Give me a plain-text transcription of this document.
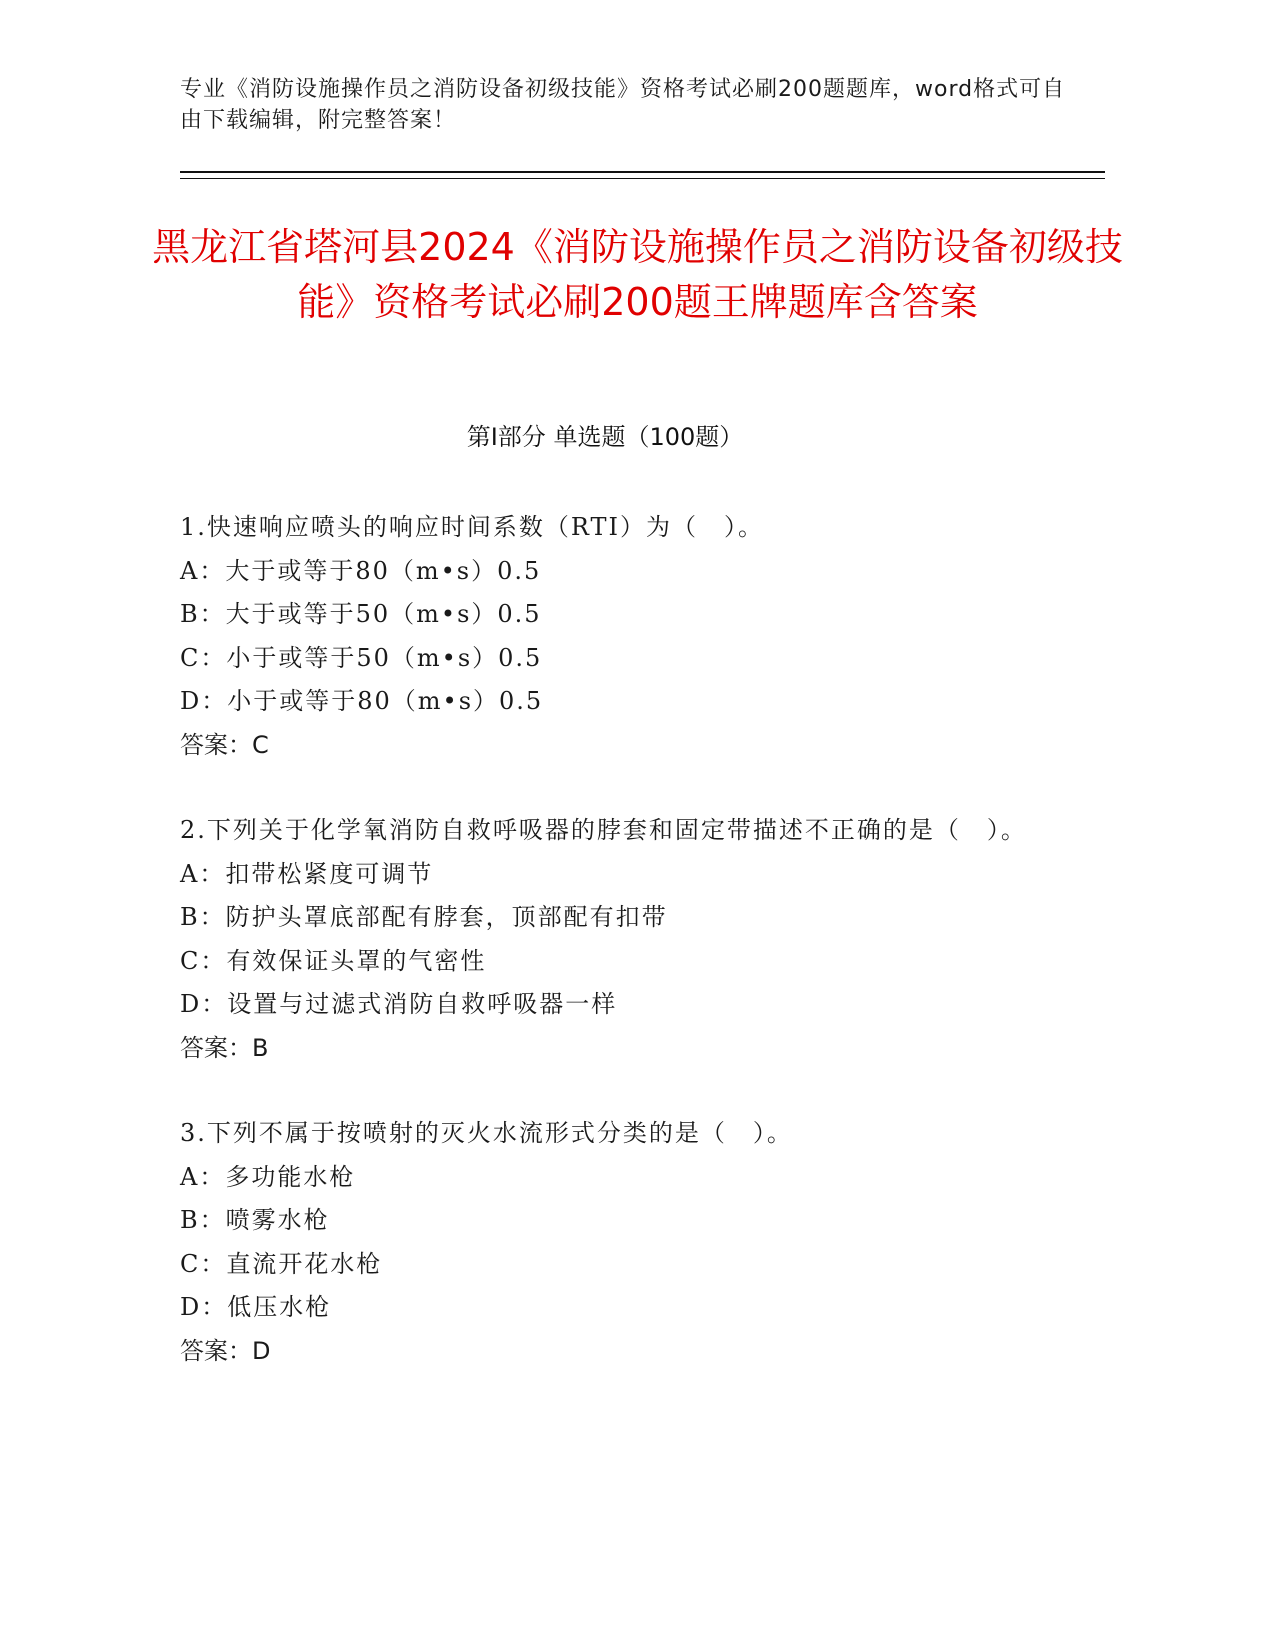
专业《消防设施操作员之消防设备初级技能》资格考试必刷200题题库，word格式可自由下载编辑，附完整答案！
黑龙江省塔河县2024《消防设施操作员之消防设备初级技能》资格考试必刷200题王牌题库含答案
第Ⅰ部分 单选题（100题）

1.快速响应喷头的响应时间系数（RTI）为（　）。

A：大于或等于80（m•s）0.5

B：大于或等于50（m•s）0.5

C：小于或等于50（m•s）0.5

D：小于或等于80（m•s）0.5

答案：C

2.下列关于化学氧消防自救呼吸器的脖套和固定带描述不正确的是（　）。

A：扣带松紧度可调节

B：防护头罩底部配有脖套，顶部配有扣带

C：有效保证头罩的气密性

D：设置与过滤式消防自救呼吸器一样

答案：B

3.下列不属于按喷射的灭火水流形式分类的是（　）。

A：多功能水枪

B：喷雾水枪

C：直流开花水枪

D：低压水枪

答案：D
